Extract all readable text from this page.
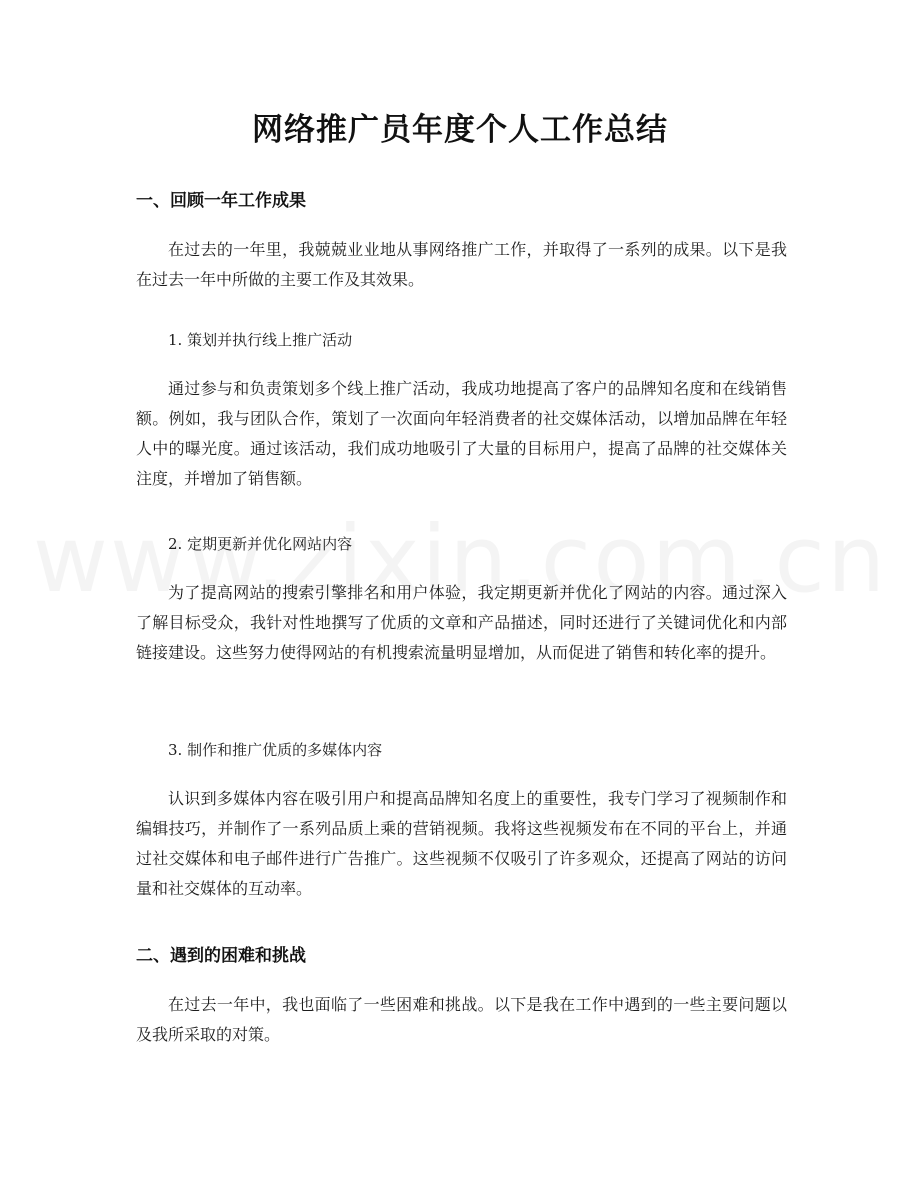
网络推广员年度个人工作总结
一、回顾一年工作成果

在过去的一年里，我兢兢业业地从事网络推广工作，并取得了一系列的成果。以下是我在过去一年中所做的主要工作及其效果。

1. 策划并执行线上推广活动

通过参与和负责策划多个线上推广活动，我成功地提高了客户的品牌知名度和在线销售额。例如，我与团队合作，策划了一次面向年轻消费者的社交媒体活动，以增加品牌在年轻人中的曝光度。通过该活动，我们成功地吸引了大量的目标用户，提高了品牌的社交媒体关注度，并增加了销售额。

2. 定期更新并优化网站内容

为了提高网站的搜索引擎排名和用户体验，我定期更新并优化了网站的内容。通过深入了解目标受众，我针对性地撰写了优质的文章和产品描述，同时还进行了关键词优化和内部链接建设。这些努力使得网站的有机搜索流量明显增加，从而促进了销售和转化率的提升。

3. 制作和推广优质的多媒体内容

认识到多媒体内容在吸引用户和提高品牌知名度上的重要性，我专门学习了视频制作和编辑技巧，并制作了一系列品质上乘的营销视频。我将这些视频发布在不同的平台上，并通过社交媒体和电子邮件进行广告推广。这些视频不仅吸引了许多观众，还提高了网站的访问量和社交媒体的互动率。

二、遇到的困难和挑战

在过去一年中，我也面临了一些困难和挑战。以下是我在工作中遇到的一些主要问题以及我所采取的对策。
